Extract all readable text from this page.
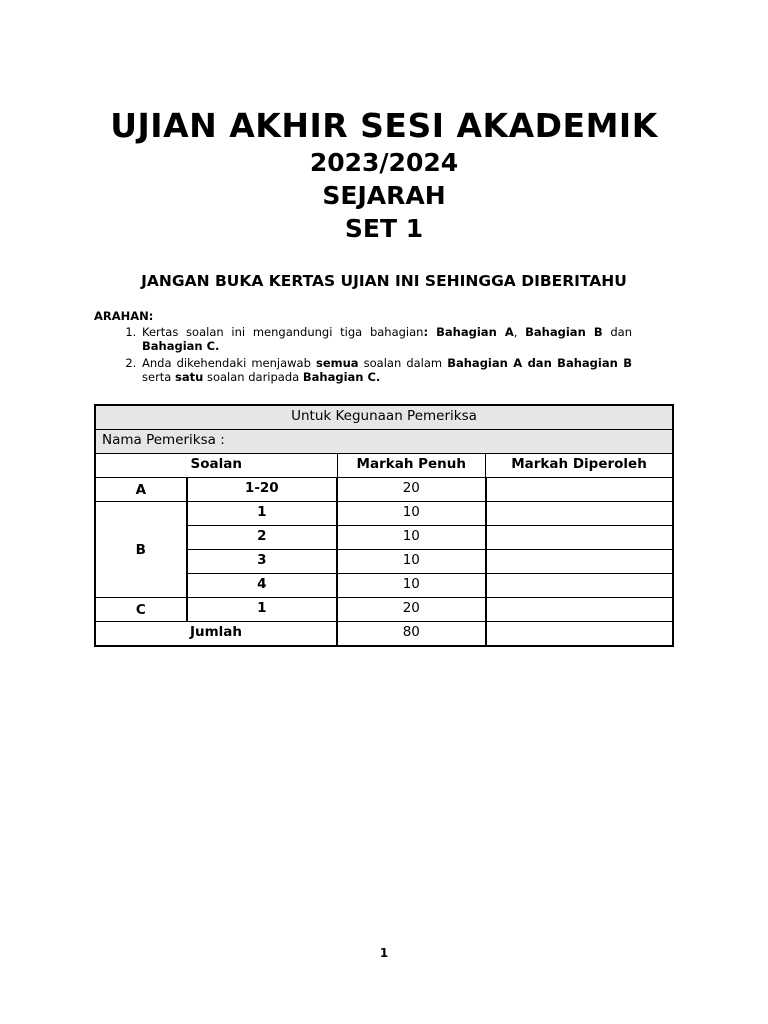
UJIAN AKHIR SESI AKADEMIK
2023/2024
SEJARAH
SET 1

JANGAN BUKA KERTAS UJIAN INI SEHINGGA DIBERITAHU

ARAHAN:

1. Kertas soalan ini mengandungi tiga bahagian: Bahagian A, Bahagian B dan Bahagian C.
2. Anda dikehendaki menjawab semua soalan dalam Bahagian A dan Bahagian B serta satu soalan daripada Bahagian C.
Untuk Kegunaan Pemeriksa			
Nama Pemeriksa :			
Soalan		Markah Penuh	Markah Diperoleh
A	1-20	20	
B	1	10	
	2	10	
	3	10	
	4	10	
C	1	20	
Jumlah		80	
1
